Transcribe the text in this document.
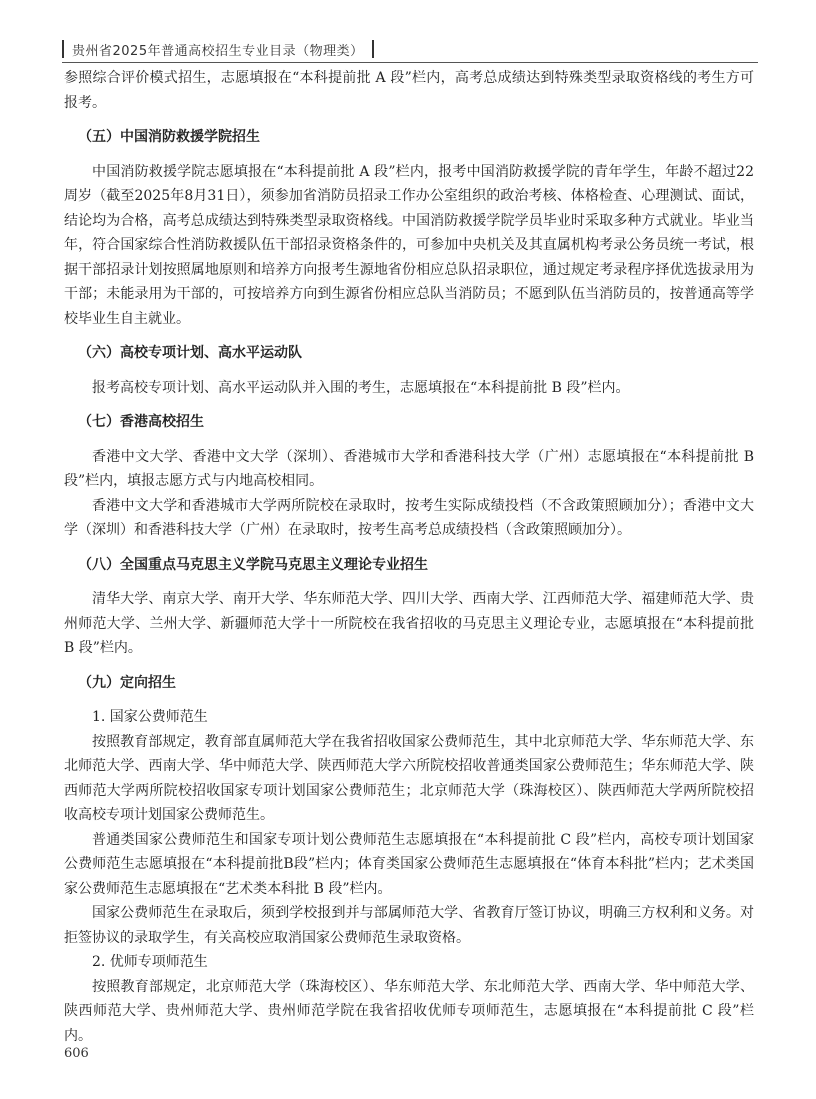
贵州省2025年普通高校招生专业目录（物理类）

参照综合评价模式招生，志愿填报在“本科提前批 A 段”栏内，高考总成绩达到特殊类型录取资格线的考生方可报考。

（五）中国消防救援学院招生

中国消防救援学院志愿填报在“本科提前批 A 段”栏内，报考中国消防救援学院的青年学生，年龄不超过22周岁（截至2025年8月31日），须参加省消防员招录工作办公室组织的政治考核、体格检查、心理测试、面试，结论均为合格，高考总成绩达到特殊类型录取资格线。中国消防救援学院学员毕业时采取多种方式就业。毕业当年，符合国家综合性消防救援队伍干部招录资格条件的，可参加中央机关及其直属机构考录公务员统一考试，根据干部招录计划按照属地原则和培养方向报考生源地省份相应总队招录职位，通过规定考录程序择优选拔录用为干部；未能录用为干部的，可按培养方向到生源省份相应总队当消防员；不愿到队伍当消防员的，按普通高等学校毕业生自主就业。

（六）高校专项计划、高水平运动队

报考高校专项计划、高水平运动队并入围的考生，志愿填报在“本科提前批 B 段”栏内。

（七）香港高校招生

香港中文大学、香港中文大学（深圳）、香港城市大学和香港科技大学（广州）志愿填报在“本科提前批 B 段”栏内，填报志愿方式与内地高校相同。

香港中文大学和香港城市大学两所院校在录取时，按考生实际成绩投档（不含政策照顾加分）；香港中文大学（深圳）和香港科技大学（广州）在录取时，按考生高考总成绩投档（含政策照顾加分）。

（八）全国重点马克思主义学院马克思主义理论专业招生

清华大学、南京大学、南开大学、华东师范大学、四川大学、西南大学、江西师范大学、福建师范大学、贵州师范大学、兰州大学、新疆师范大学十一所院校在我省招收的马克思主义理论专业，志愿填报在“本科提前批 B 段”栏内。

（九）定向招生

1. 国家公费师范生

按照教育部规定，教育部直属师范大学在我省招收国家公费师范生，其中北京师范大学、华东师范大学、东北师范大学、西南大学、华中师范大学、陕西师范大学六所院校招收普通类国家公费师范生；华东师范大学、陕西师范大学两所院校招收国家专项计划国家公费师范生；北京师范大学（珠海校区）、陕西师范大学两所院校招收高校专项计划国家公费师范生。

普通类国家公费师范生和国家专项计划公费师范生志愿填报在“本科提前批 C 段”栏内，高校专项计划国家公费师范生志愿填报在“本科提前批B段”栏内；体育类国家公费师范生志愿填报在“体育本科批”栏内；艺术类国家公费师范生志愿填报在“艺术类本科批 B 段”栏内。

国家公费师范生在录取后，须到学校报到并与部属师范大学、省教育厅签订协议，明确三方权利和义务。对拒签协议的录取学生，有关高校应取消国家公费师范生录取资格。

2. 优师专项师范生

按照教育部规定，北京师范大学（珠海校区）、华东师范大学、东北师范大学、西南大学、华中师范大学、陕西师范大学、贵州师范大学、贵州师范学院在我省招收优师专项师范生，志愿填报在“本科提前批 C 段”栏内。

606
